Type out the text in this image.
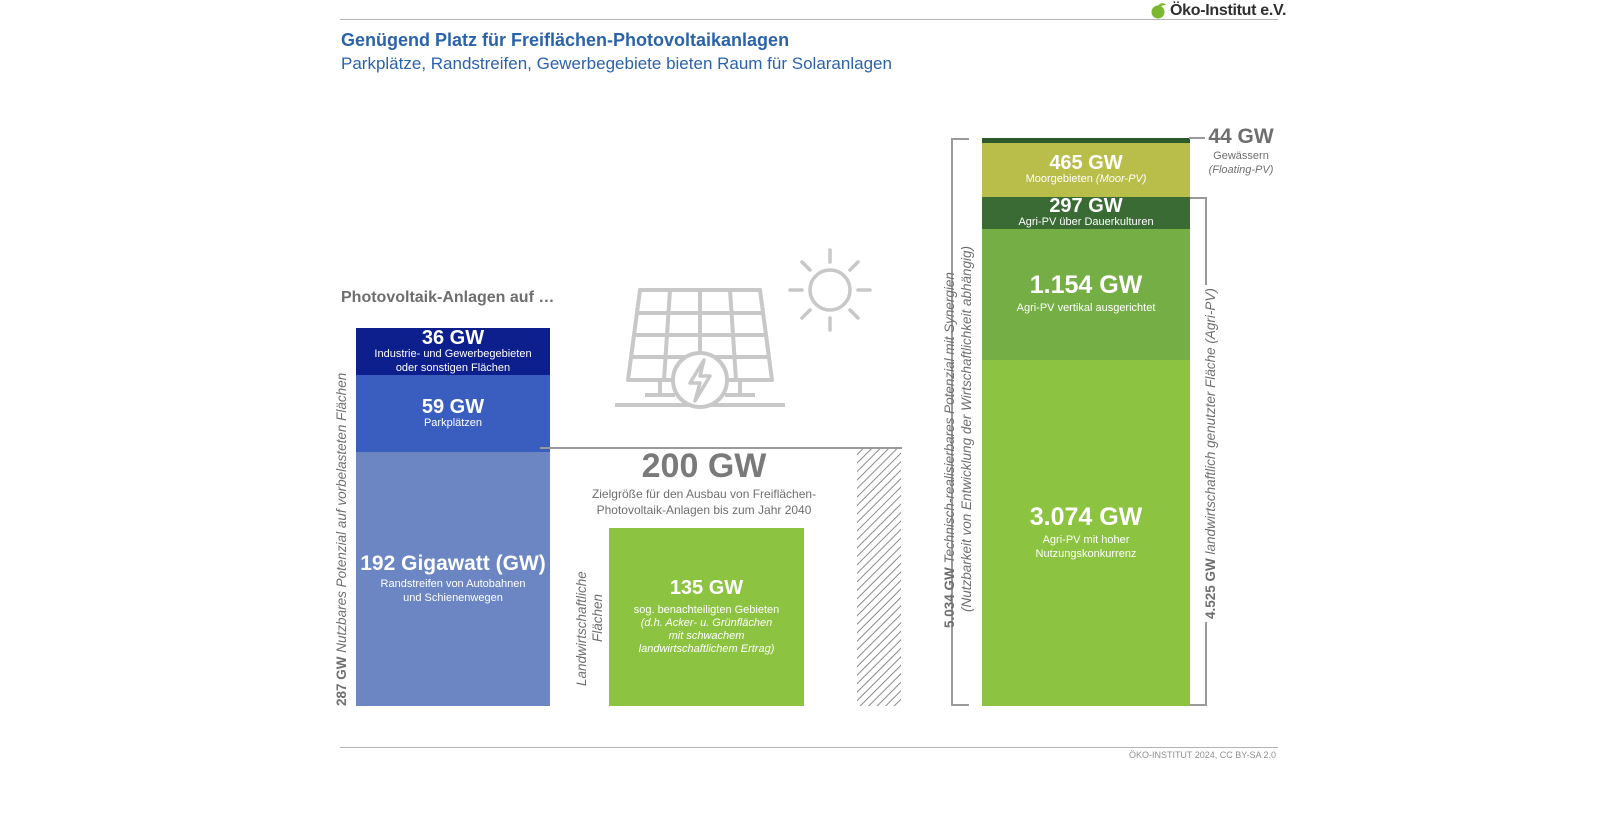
Öko-Institut e.V.
Genügend Platz für Freiflächen-Photovoltaikanlagen
Parkplätze, Randstreifen, Gewerbegebiete bieten Raum für Solaranlagen
Photovoltaik-Anlagen auf …
287 GW Nutzbares Potenzial auf vorbelasteten Flächen
36 GW
Industrie- und Gewerbegebieten
oder sonstigen Flächen
59 GW
Parkplätzen
192 Gigawatt (GW)
Randstreifen von Autobahnen
und Schienenwegen
200 GW
Zielgröße für den Ausbau von Freiflächen-
Photovoltaik-Anlagen bis zum Jahr 2040
Landwirtschaftliche Flächen
135 GW
sog. benachteiligten Gebieten
(d.h. Acker- u. Grünflächen
mit schwachem
landwirtschaftlichem Ertrag)
5.034 GW Technisch-realisierbares Potenzial mit Synergien (Nutzbarkeit von Entwicklung der Wirtschaftlichkeit abhängig)	4.525 GW landwirtschaftlich genutzter Fläche (Agri-PV)
465 GW
Moorgebieten (Moor-PV)
297 GW
Agri-PV über Dauerkulturen
1.154 GW
Agri-PV vertikal ausgerichtet
3.074 GW
Agri-PV mit hoher
Nutzungskonkurrenz
44 GW
Gewässern
(Floating-PV)
ÖKO-INSTITUT 2024, CC BY-SA 2.0
